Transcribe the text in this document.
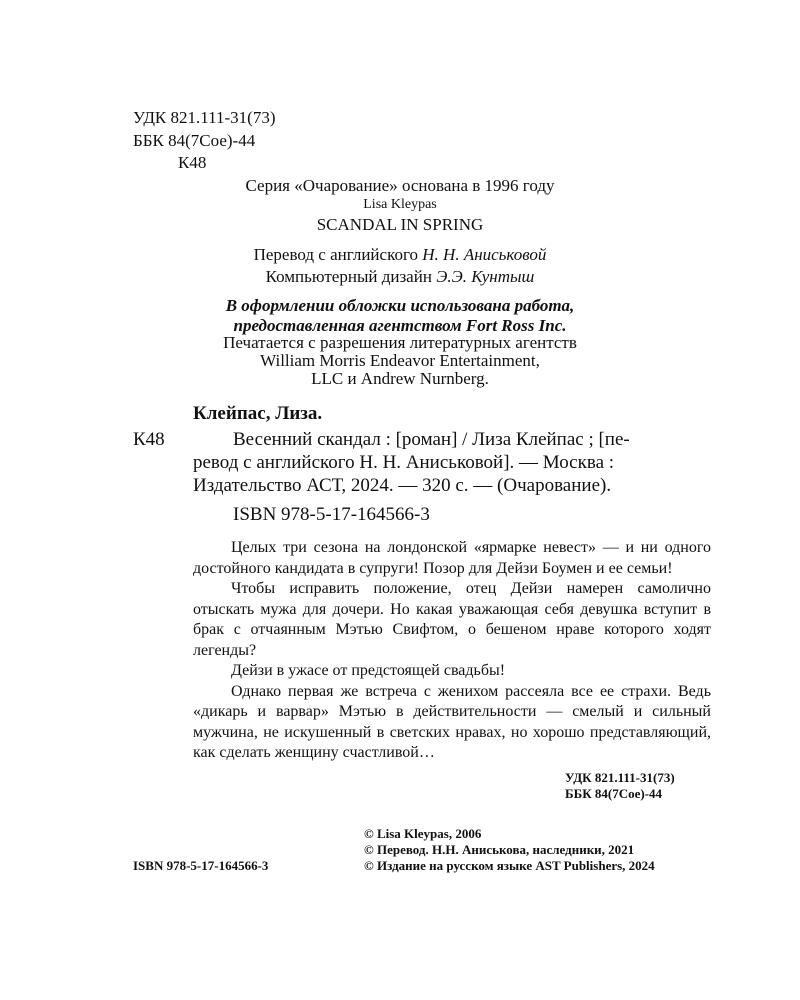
УДК 821.111-31(73)
ББК 84(7Сое)-44
К48
Серия «Очарование» основана в 1996 году
Lisa Kleypas
SCANDAL IN SPRING
Перевод с английского Н. Н. Аниськовой
Компьютерный дизайн Э.Э. Кунтыш
В оформлении обложки использована работа,
предоставленная агентством Fort Ross Inc.
Печатается с разрешения литературных агентств
William Morris Endeavor Entertainment,
LLC и Andrew Nurnberg.
Клейпас, Лиза.
К48	Весенний скандал : [роман] / Лиза Клейпас ; [пе-
ревод с английского Н. Н. Аниськовой]. — Москва :
Издательство АСТ, 2024. — 320 с. — (Очарование).
ISBN 978-5-17-164566-3

Целых три сезона на лондонской «ярмарке невест» — и ни одного достойного кандидата в супруги! Позор для Дейзи Боумен и ее семьи!

Чтобы исправить положение, отец Дейзи намерен самолично отыскать мужа для дочери. Но какая уважающая себя девушка вступит в брак с отчаянным Мэтью Свифтом, о бешеном нраве которого ходят легенды?

Дейзи в ужасе от предстоящей свадьбы!

Однако первая же встреча с женихом рассеяла все ее страхи. Ведь «дикарь и варвар» Мэтью в действительности — смелый и сильный мужчина, не искушенный в светских нравах, но хорошо представляющий, как сделать женщину счастливой…

УДК 821.111-31(73)
ББК 84(7Сое)-44
© Lisa Kleypas, 2006
© Перевод. Н.Н. Аниськова, наследники, 2021
© Издание на русском языке AST Publishers, 2024
ISBN 978-5-17-164566-3
